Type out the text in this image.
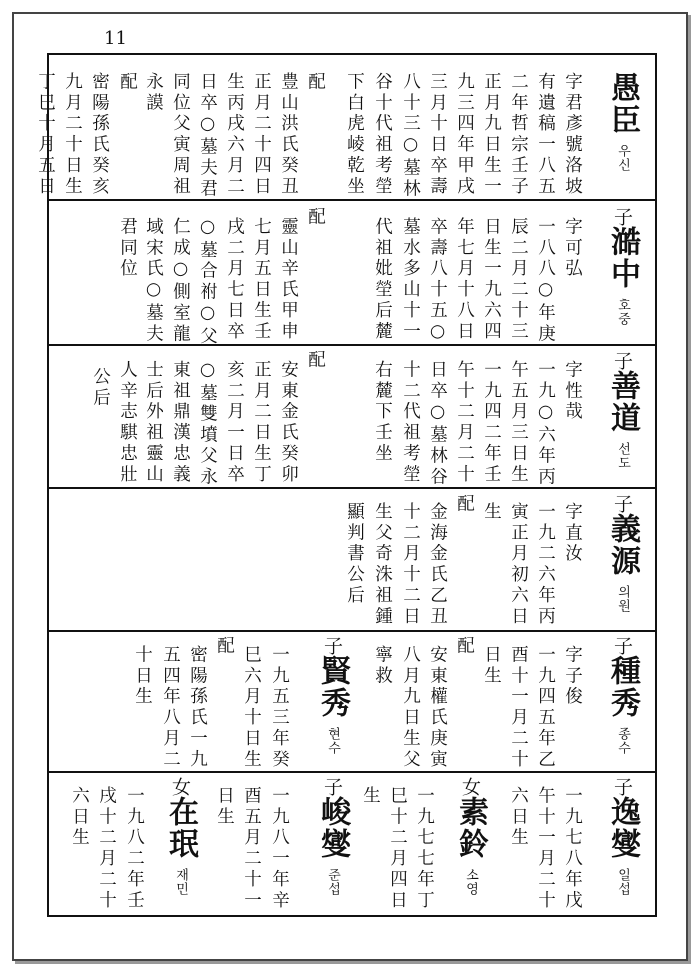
11
愚臣우신
字君彥號洛坡
有遺稿一八五
二年哲宗壬子
正月九日生一
九三四年甲戌
三月十日卒壽
八十三○墓林
谷十代祖考塋
下白虎崚乾坐
配
豊山洪氏癸丑
正月二十四日
生丙戌六月二
日卒○墓夫君
同位父寅周祖
永謨
配
密陽孫氏癸亥
九月二十日生
丁巳十月五日
子澔中호중
字可弘
一八八○年庚
辰二月二十三
日生一九六四
年七月十八日
卒壽八十五○
墓水多山十一
代祖妣塋后麓
配
靈山辛氏甲申
七月五日生壬
戌二月七日卒
○墓合祔○父
仁成○側室龍
域宋氏○墓夫
君同位
子善道선도
字性哉
一九○六年丙
午五月三日生
一九四二年壬
午十二月二十
日卒○墓林谷
十二代祖考塋
右麓下壬坐
配
安東金氏癸卯
正月二日生丁
亥二月一日卒
○墓雙墳父永
東祖鼎漢忠義
士后外祖靈山
人辛志騏忠壯
公后
子義源의원
字直汝
一九二六年丙
寅正月初六日
生
配
金海金氏乙丑
十二月十二日
生父奇洙祖鍾
顯判書公后
子種秀종수
字子俊
一九四五年乙
酉十一月二十
日生
配
安東權氏庚寅
八月九日生父
寧救
子賢秀현수
一九五三年癸
巳六月十日生
配
密陽孫氏一九
五四年八月二
十日生
子逸燮일섭
一九七八年戊
午十一月二十
六日生
女素鈴소영
一九七七年丁
巳十二月四日
生
子峻燮준섭
一九八一年辛
酉五月二十一
日生
女在珉재민
一九八二年壬
戌十二月二十
六日生
